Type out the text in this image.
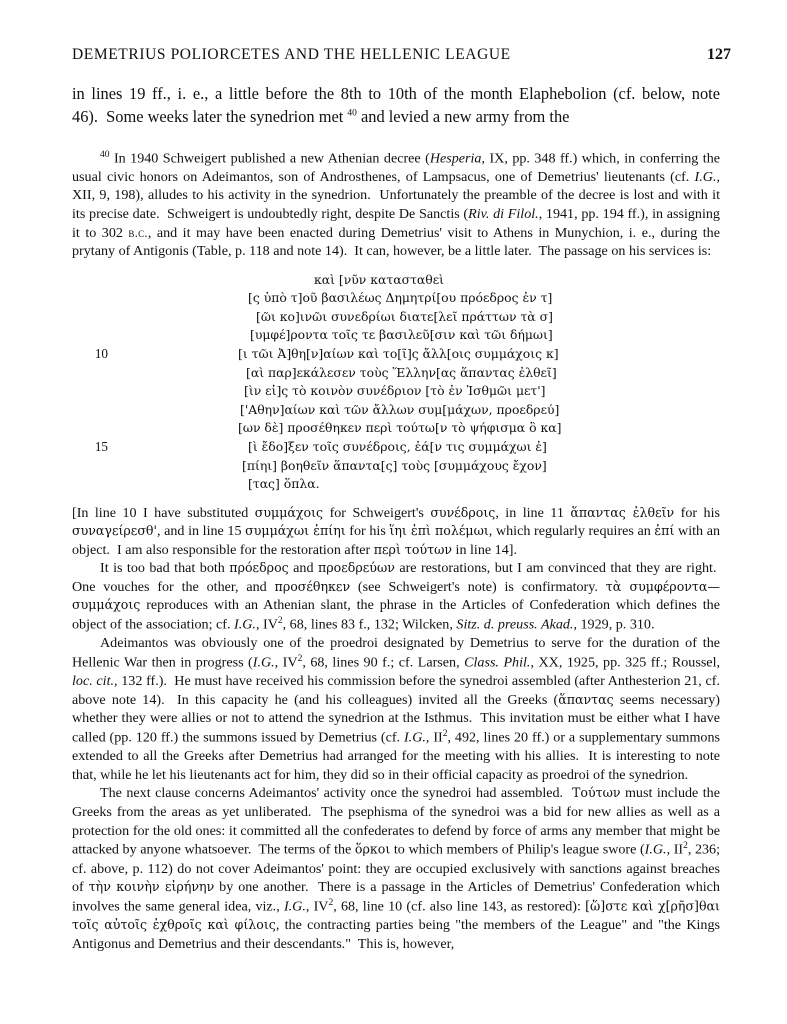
DEMETRIUS POLIORCETES AND THE HELLENIC LEAGUE	127

in lines 19 ff., i. e., a little before the 8th to 10th of the month Elaphebolion (cf. below, note 46).  Some weeks later the synedrion met $^{40}$ and levied a new army from the

$^{40}$ In 1940 Schweigert published a new Athenian decree (Hesperia, IX, pp. 348 ff.) which, in conferring the usual civic honors on Adeimantos, son of Androsthenes, of Lampsacus, one of Demetrius' lieutenants (cf. I.G., XII, 9, 198), alludes to his activity in the synedrion.  Unfortunately the preamble of the decree is lost and with it its precise date.  Schweigert is undoubtedly right, despite De Sanctis (Riv. di Filol., 1941, pp. 194 ff.), in assigning it to 302 b.c., and it may have been enacted during Demetrius' visit to Athens in Munychion, i. e., during the prytany of Antigonis (Table, p. 118 and note 14).  It can, however, be a little later.  The passage on his services is:

καὶ [νῦν κατασταθεὶ
[ς ὑπὸ τ]οῦ βασιλέως Δημητρί[ου πρόεδρος ἐν τ]
[ῶι κο]ινῶι συνεδρίωι διατε[λεῖ πράττων τὰ σ]
[υμφέ]ροντα τοῖς τε βασιλεῦ[σιν καὶ τῶι δήμωι]
10	[ι τῶι Ἀ]θη[ν]αίων καὶ το[ῖ]ς ἄλλ[οις συμμάχοις κ]
[αὶ παρ]εκάλεσεν τοὺς Ἕλλην[ας ἅπαντας ἐλθεῖ]
[ὶν εἰ]ς τὸ κοινὸν συνέδριον [τὸ ἐν Ἰσθμῶι μετ']
['Αθην]αίων καὶ τῶν ἄλλων συμ[μάχων, προεδρεύ]
[ων δὲ] προσέθηκεν περὶ τούτω[ν τὸ ψήφισμα ὃ κα]
15	[ὶ ἔδο]ξεν τοῖς συνέδροις, ἐά[ν τις συμμάχωι ἐ]
[πίηι] βοηθεῖν ἅπαντα[ς] τοὺς [συμμάχους ἔχον]
[τας] ὅπλα.

[In line 10 I have substituted συμμάχοις for Schweigert's συνέδροις, in line 11 ἅπαντας ἐλθεῖν for his συναγείρεσθ', and in line 15 συμμάχωι ἐπίηι for his ἵηι ἐπὶ πολέμωι, which regularly requires an ἐπί with an object.  I am also responsible for the restoration after περὶ τούτων in line 14].

It is too bad that both πρόεδρος and προεδρεύων are restorations, but I am convinced that they are right.  One vouches for the other, and προσέθηκεν (see Schweigert's note) is confirmatory. τὰ συμφέροντα—συμμάχοις reproduces with an Athenian slant, the phrase in the Articles of Confederation which defines the object of the association; cf. I.G., $IV^2$, 68, lines 83 f., 132; Wilcken, Sitz. d. preuss. Akad., 1929, p. 310.

Adeimantos was obviously one of the proedroi designated by Demetrius to serve for the duration of the Hellenic War then in progress (I.G., $IV^2$, 68, lines 90 f.; cf. Larsen, Class. Phil., XX, 1925, pp. 325 ff.; Roussel, loc. cit., 132 ff.).  He must have received his commission before the synedroi assembled (after Anthesterion 21, cf. above note 14).  In this capacity he (and his colleagues) invited all the Greeks (ἅπαντας seems necessary) whether they were allies or not to attend the synedrion at the Isthmus.  This invitation must be either what I have called (pp. 120 ff.) the summons issued by Demetrius (cf. I.G., $II^2$, 492, lines 20 ff.) or a supplementary summons extended to all the Greeks after Demetrius had arranged for the meeting with his allies.  It is interesting to note that, while he let his lieutenants act for him, they did so in their official capacity as proedroi of the synedrion.

The next clause concerns Adeimantos' activity once the synedroi had assembled.  Τούτων must include the Greeks from the areas as yet unliberated.  The psephisma of the synedroi was a bid for new allies as well as a protection for the old ones: it committed all the confederates to defend by force of arms any member that might be attacked by anyone whatsoever.  The terms of the ὅρκοι to which members of Philip's league swore (I.G., $II^2$, 236; cf. above, p. 112) do not cover Adeimantos' point: they are occupied exclusively with sanctions against breaches of τὴν κοινὴν εἰρήνην by one another.  There is a passage in the Articles of Demetrius' Confederation which involves the same general idea, viz., I.G., $IV^2$, 68, line 10 (cf. also line 143, as restored): [ὥ]στε καὶ χ[ρῆσ]θαι τοῖς αὐτοῖς ἐχθροῖς καὶ φίλοις, the contracting parties being "the members of the League" and "the Kings Antigonus and Demetrius and their descendants."  This is, however,
